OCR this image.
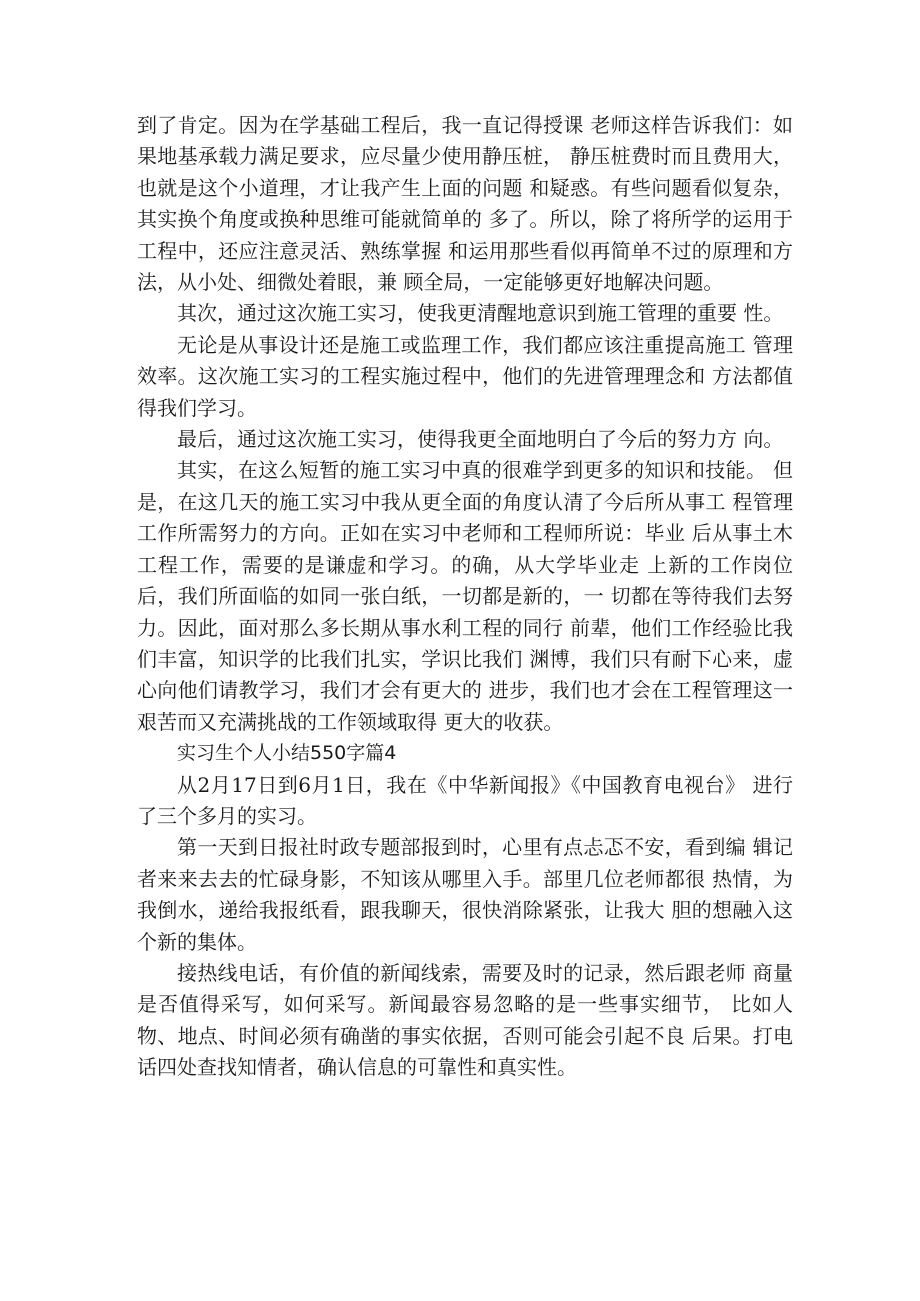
到了肯定。因为在学基础工程后，我一直记得授课 老师这样告诉我们：如果地基承载力满足要求，应尽量少使用静压桩， 静压桩费时而且费用大，也就是这个小道理，才让我产生上面的问题 和疑惑。有些问题看似复杂，其实换个角度或换种思维可能就简单的 多了。所以，除了将所学的运用于工程中，还应注意灵活、熟练掌握 和运用那些看似再简单不过的原理和方法，从小处、细微处着眼，兼 顾全局，一定能够更好地解决问题。

其次，通过这次施工实习，使我更清醒地意识到施工管理的重要 性。

无论是从事设计还是施工或监理工作，我们都应该注重提高施工 管理效率。这次施工实习的工程实施过程中，他们的先进管理理念和 方法都值得我们学习。

最后，通过这次施工实习，使得我更全面地明白了今后的努力方 向。

其实，在这么短暂的施工实习中真的很难学到更多的知识和技能。 但是，在这几天的施工实习中我从更全面的角度认清了今后所从事工 程管理工作所需努力的方向。正如在实习中老师和工程师所说：毕业 后从事土木工程工作，需要的是谦虚和学习。的确，从大学毕业走 上新的工作岗位后，我们所面临的如同一张白纸，一切都是新的，一 切都在等待我们去努力。因此，面对那么多长期从事水利工程的同行 前辈，他们工作经验比我们丰富，知识学的比我们扎实，学识比我们 渊博，我们只有耐下心来，虚心向他们请教学习，我们才会有更大的 进步，我们也才会在工程管理这一艰苦而又充满挑战的工作领域取得 更大的收获。

实习生个人小结550字篇4

从2月17日到6月1日，我在《中华新闻报》《中国教育电视台》 进行了三个多月的实习。

第一天到日报社时政专题部报到时，心里有点忐忑不安，看到编 辑记者来来去去的忙碌身影，不知该从哪里入手。部里几位老师都很 热情，为我倒水，递给我报纸看，跟我聊天，很快消除紧张，让我大 胆的想融入这个新的集体。

接热线电话，有价值的新闻线索，需要及时的记录，然后跟老师 商量是否值得采写，如何采写。新闻最容易忽略的是一些事实细节， 比如人物、地点、时间必须有确凿的事实依据，否则可能会引起不良 后果。打电话四处查找知情者，确认信息的可靠性和真实性。
